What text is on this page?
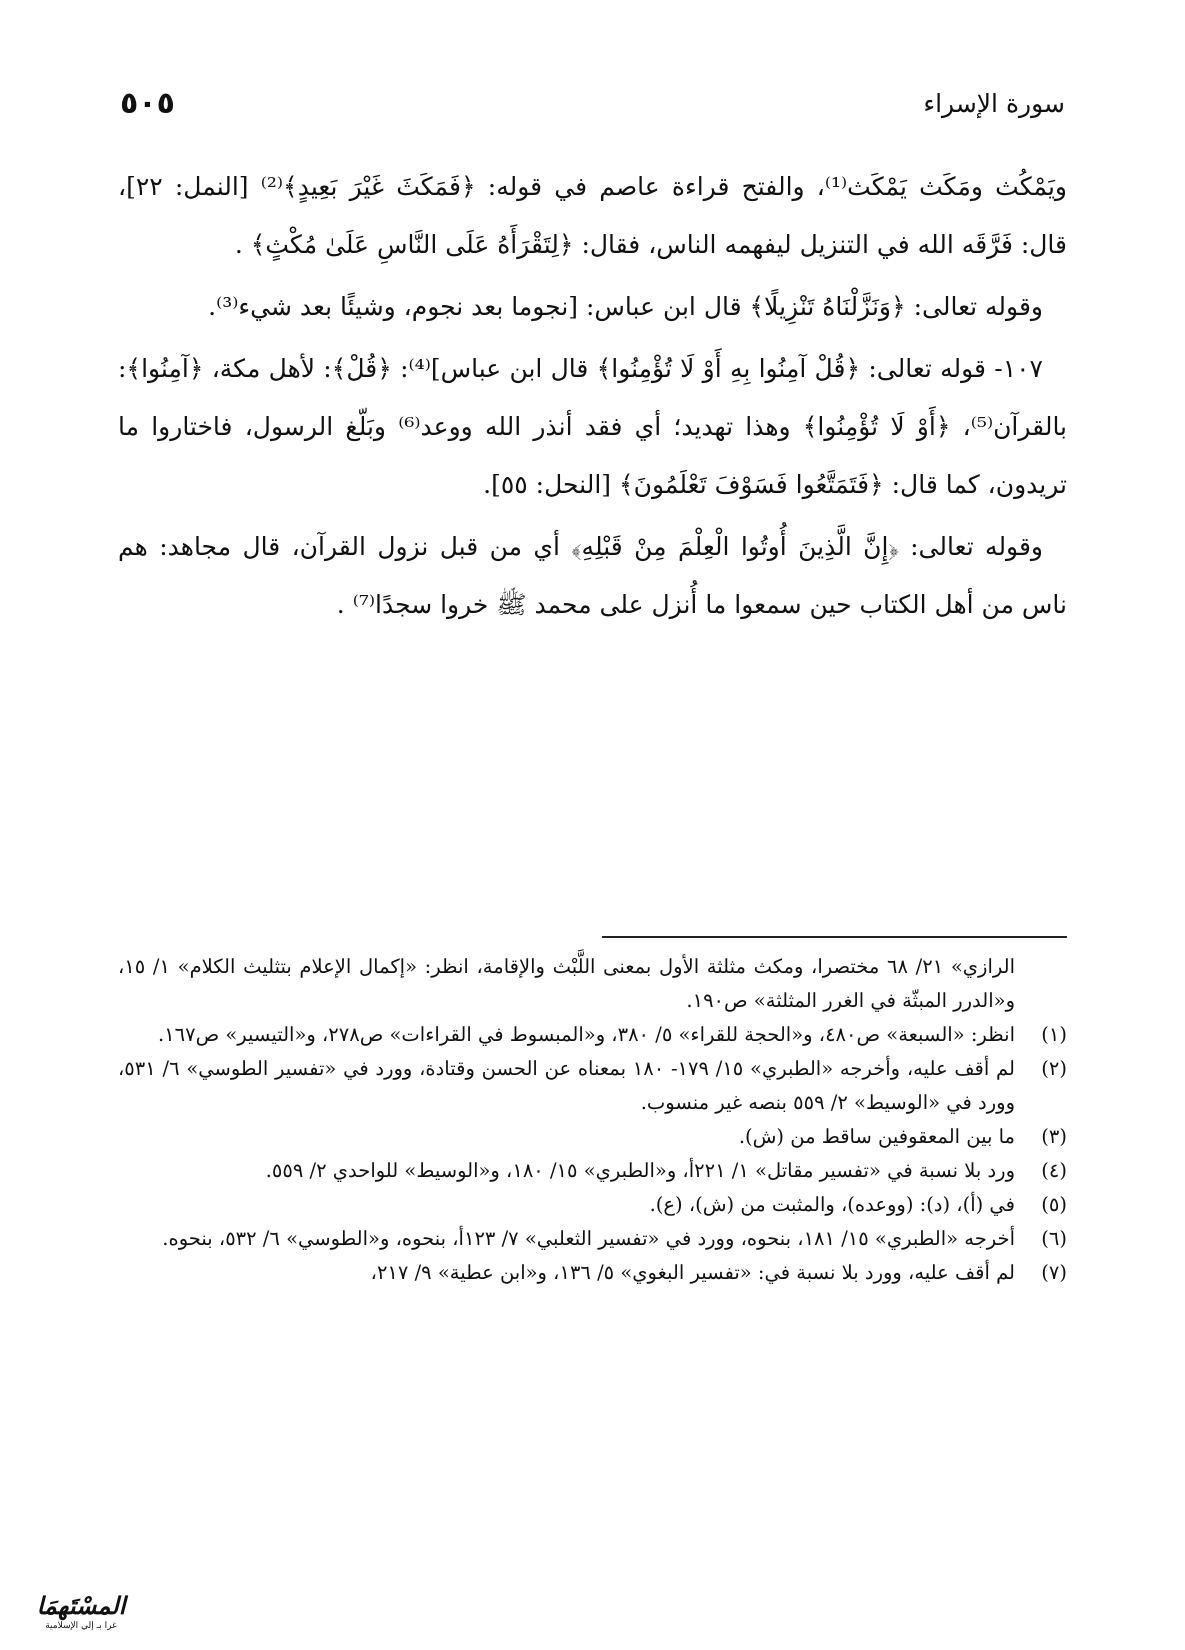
سورة الإسراء
٥٠٥

ويَمْكُث ومَكَث يَمْكَث⁽¹⁾، والفتح قراءة عاصم في قوله: ﴿فَمَكَثَ غَيْرَ بَعِيدٍ﴾⁽²⁾ [النمل: ٢٢]، قال: فَرَّقَه الله في التنزيل ليفهمه الناس، فقال: ﴿لِتَقْرَأَهُ عَلَى النَّاسِ عَلَىٰ مُكْثٍ﴾ .

وقوله تعالى: ﴿وَنَزَّلْنَاهُ تَنْزِيلًا﴾ قال ابن عباس: [نجوما بعد نجوم، وشيئًا بعد شيء⁽³⁾.

١٠٧- قوله تعالى: ﴿قُلْ آمِنُوا بِهِ أَوْ لَا تُؤْمِنُوا﴾ قال ابن عباس]⁽⁴⁾: ﴿قُلْ﴾: لأهل مكة، ﴿آمِنُوا﴾: بالقرآن⁽⁵⁾، ﴿أَوْ لَا تُؤْمِنُوا﴾ وهذا تهديد؛ أي فقد أنذر الله ووعد⁽⁶⁾ وبَلّغ الرسول، فاختاروا ما تريدون، كما قال: ﴿فَتَمَتَّعُوا فَسَوْفَ تَعْلَمُونَ﴾ [النحل: ٥٥].

وقوله تعالى: ﴿إِنَّ الَّذِينَ أُوتُوا الْعِلْمَ مِنْ قَبْلِهِ﴾ أي من قبل نزول القرآن، قال مجاهد: هم ناس من أهل الكتاب حين سمعوا ما أُنزل على محمد ﷺ خروا سجدًا⁽⁷⁾ .

الرازي» ٢١/ ٦٨ مختصرا، ومكث مثلثة الأول بمعنى اللَّبْث والإقامة، انظر: «إكمال الإعلام بتثليث الكلام» ١/ ١٥، و«الدرر المبثّة في الغرر المثلثة» ص١٩٠.
(١)
انظر: «السبعة» ص٤٨٠، و«الحجة للقراء» ٥/ ٣٨٠، و«المبسوط في القراءات» ص٢٧٨، و«التيسير» ص١٦٧.
(٢)
لم أقف عليه، وأخرجه «الطبري» ١٥/ ١٧٩- ١٨٠ بمعناه عن الحسن وقتادة، وورد في «تفسير الطوسي» ٦/ ٥٣١، وورد في «الوسيط» ٢/ ٥٥٩ بنصه غير منسوب.
(٣)
ما بين المعقوفين ساقط من (ش).
(٤)
ورد بلا نسبة في «تفسير مقاتل» ١/ ٢٢١أ، و«الطبري» ١٥/ ١٨٠، و«الوسيط» للواحدي ٢/ ٥٥٩.
(٥)
في (أ)، (د): (ووعده)، والمثبت من (ش)، (ع).
(٦)
أخرجه «الطبري» ١٥/ ١٨١، بنحوه، وورد في «تفسير الثعلبي» ٧/ ١٢٣أ، بنحوه، و«الطوسي» ٦/ ٥٣٢، بنحوه.
(٧)
لم أقف عليه، وورد بلا نسبة في: «تفسير البغوي» ٥/ ١٣٦، و«ابن عطية» ٩/ ٢١٧،
المسْتَهمَا
غرا بـ إلي الإسلامية
